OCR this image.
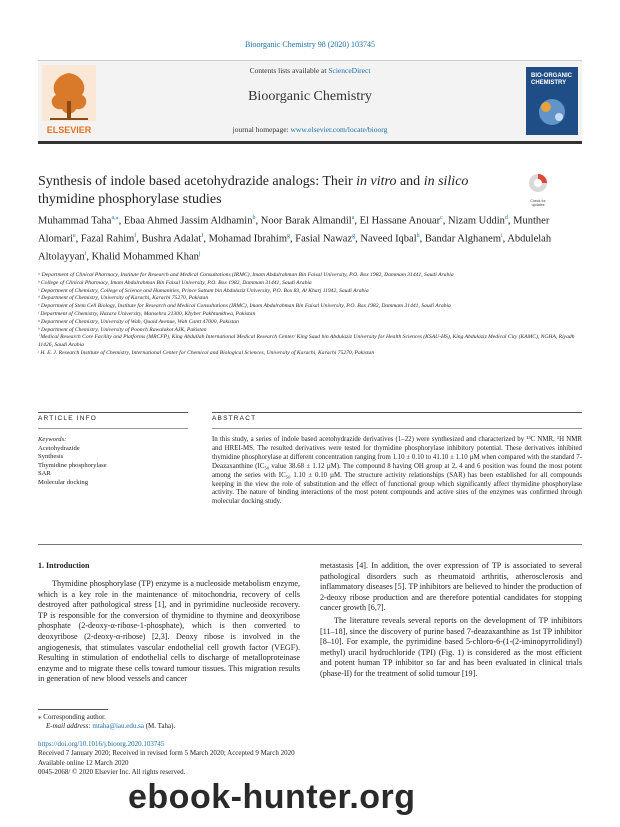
Bioorganic Chemistry 98 (2020) 103745
ELSEVIER
Contents lists available at ScienceDirect
Bioorganic Chemistry
journal homepage: www.elsevier.com/locate/bioorg
BIO-ORGANIC CHEMISTRY
Synthesis of indole based acetohydrazide analogs: Their in vitro and in silico thymidine phosphorylase studies	Check for
updates
Muhammad Taha$^{a,⁎}$, Ebaa Ahmed Jassim Aldhamin$^b$, Noor Barak Almandil$^a$, El Hassane Anouar$^c$, Nizam Uddin$^d$, Munther Alomari$^e$, Fazal Rahim$^f$, Bushra Adalat$^f$, Mohamad Ibrahim$^g$, Fasial Nawaz$^g$, Naveed Iqbal$^h$, Bandar Alghanem$^i$, Abdulelah Altolayyan$^i$, Khalid Mohammed Khan$^j$
ᵃ Department of Clinical Pharmacy, Institute for Research and Medical Consultations (IRMC), Imam Abdulrahman Bin Faisal University, P.O. Box 1982, Dammam 31441, Saudi Arabia
ᵇ College of Clinical Pharmacy, Imam Abdulrahman Bin Faisal University, P.O. Box 1982, Dammam 31441, Saudi Arabia
ᶜ Department of Chemistry, College of Science and Humanities, Prince Sattam bin Abdulaziz University, P.O. Box 83, Al Kharj 11942, Saudi Arabia
ᵈ Department of Chemistry, University of Karachi, Karachi 75270, Pakistan
ᵉ Department of Stem Cell Biology, Institute for Research and Medical Consultations (IRMC), Imam Abdulrahman Bin Faisal University, P.O. Box 1982, Dammam 31441, Saudi Arabia
ᶠ Department of Chemistry, Hazara University, Mansehra 21300, Khyber Pakhtunkhwa, Pakistan
ᵍ Department of Chemistry, University of Wah, Quaid Avenue, Wah Cantt 47000, Pakistan
ʰ Department of Chemistry, University of Poonch Rawalakot AJK, Pakistan
ⁱ Medical Research Core Facility and Platforms (MRCFP), King Abdullah International Medical Research Center/ King Saud bin Abdulaziz University for Health Sciences (KSAU-HS), King Abdulaziz Medical City (KAMC), NGHA, Riyadh 11426, Saudi Arabia
ʲ H. E. J. Research Institute of Chemistry, International Center for Chemical and Biological Sciences, University of Karachi, Karachi 75270, Pakistan
ARTICLE INFO	ABSTRACT
Keywords:
Acetohydrazide
Synthesis
Thymidine phosphorylase
SAR
Molecular docking
In this study, a series of indole based acetohydrazide derivatives (1–22) were synthesized and characterized by ¹³C NMR, ¹H NMR and HREI-MS. The resulted derivatives were tested for thymidine phosphorylase inhibitory potential. These derivatives inhibited thymidine phosphorylase at different concentration ranging from 1.10 ± 0.10 to 41.10 ± 1.10 µM when compared with the standard 7-Deazaxanthine (IC₅₀ value 38.68 ± 1.12 µM). The compound 8 having OH group at 2, 4 and 6 position was found the most potent among the series with IC₅₀ 1.10 ± 0.10 µM. The structure activity relationships (SAR) has been established for all compounds keeping in the view the role of substitution and the effect of functional group which significantly affect thymidine phosphorylase activity. The nature of binding interactions of the most potent compounds and active sites of the enzymes was confirmed through molecular docking study.
1. Introduction
Thymidine phosphorylase (TP) enzyme is a nucleoside metabolism enzyme, which is a key role in the maintenance of mitochondria, recovery of cells destroyed after pathological stress [1], and in pyrimidine nucleoside recovery. TP is responsible for the conversion of thymidine to thymine and deoxyribose phosphate (2-deoxy-α-ribose-1-phosphate), which is then converted to deoxyribose (2-deoxy-α-ribose) [2,3]. Deoxy ribose is involved in the angiogenesis, that stimulates vascular endothelial cell growth factor (VEGF). Resulting in stimulation of endothelial cells to discharge of metalloproteinase enzyme and to migrate these cells toward tumour tissues. This migration results in generation of new blood vessels and cancer

metastasis [4]. In addition, the over expression of TP is associated to several pathological disorders such as rheumatoid arthritis, atherosclerosis and inflammatory diseases [5]. TP inhibitors are believed to hinder the production of 2-deoxy ribose production and are therefore potential candidates for stopping cancer growth [6,7].

The literature reveals several reports on the development of TP inhibitors [11–18], since the discovery of purine based 7-deazaxanthine as 1st TP inhibitor [8–10]. For example, the pyrimidine based 5-chloro-6-(1-(2-iminopyrrolidinyl) methyl) uracil hydrochloride (TPI) (Fig. 1) is considered as the most efficient and potent human TP inhibitor so far and has been evaluated in clinical trials (phase-II) for the treatment of solid tumour [19].

⁎ Corresponding author.
E-mail address: mtaha@iau.edu.sa (M. Taha).
https://doi.org/10.1016/j.bioorg.2020.103745
Received 7 January 2020; Received in revised form 5 March 2020; Accepted 9 March 2020
Available online 12 March 2020
0045-2068/ © 2020 Elsevier Inc. All rights reserved.
ebook-hunter.org
